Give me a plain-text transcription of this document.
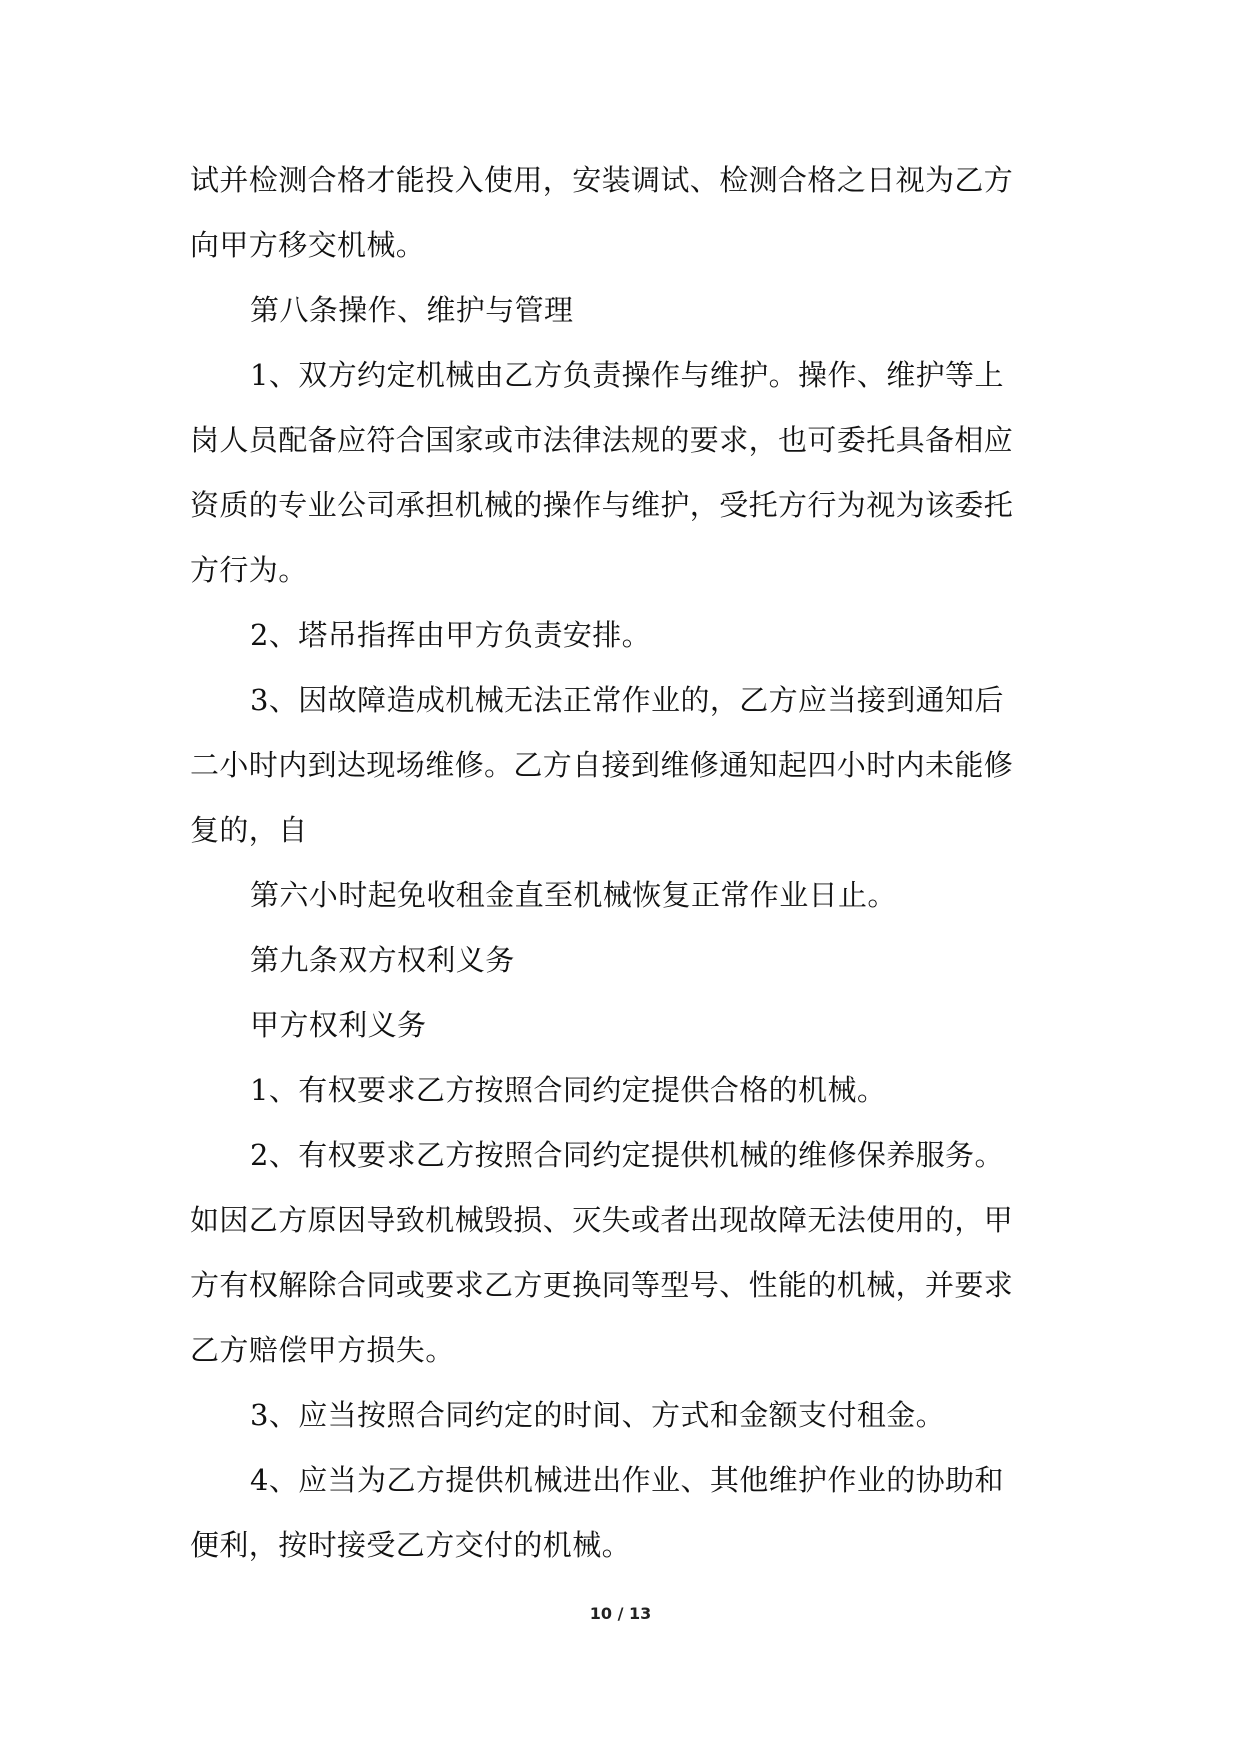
试并检测合格才能投入使用，安装调试、检测合格之日视为乙方
向甲方移交机械。
第八条操作、维护与管理
1、双方约定机械由乙方负责操作与维护。操作、维护等上
岗人员配备应符合国家或市法律法规的要求，也可委托具备相应
资质的专业公司承担机械的操作与维护，受托方行为视为该委托
方行为。
2、塔吊指挥由甲方负责安排。
3、因故障造成机械无法正常作业的，乙方应当接到通知后
二小时内到达现场维修。乙方自接到维修通知起四小时内未能修
复的，自
第六小时起免收租金直至机械恢复正常作业日止。
第九条双方权利义务
甲方权利义务
1、有权要求乙方按照合同约定提供合格的机械。
2、有权要求乙方按照合同约定提供机械的维修保养服务。
如因乙方原因导致机械毁损、灭失或者出现故障无法使用的，甲
方有权解除合同或要求乙方更换同等型号、性能的机械，并要求
乙方赔偿甲方损失。
3、应当按照合同约定的时间、方式和金额支付租金。
4、应当为乙方提供机械进出作业、其他维护作业的协助和
便利，按时接受乙方交付的机械。
10 / 13
